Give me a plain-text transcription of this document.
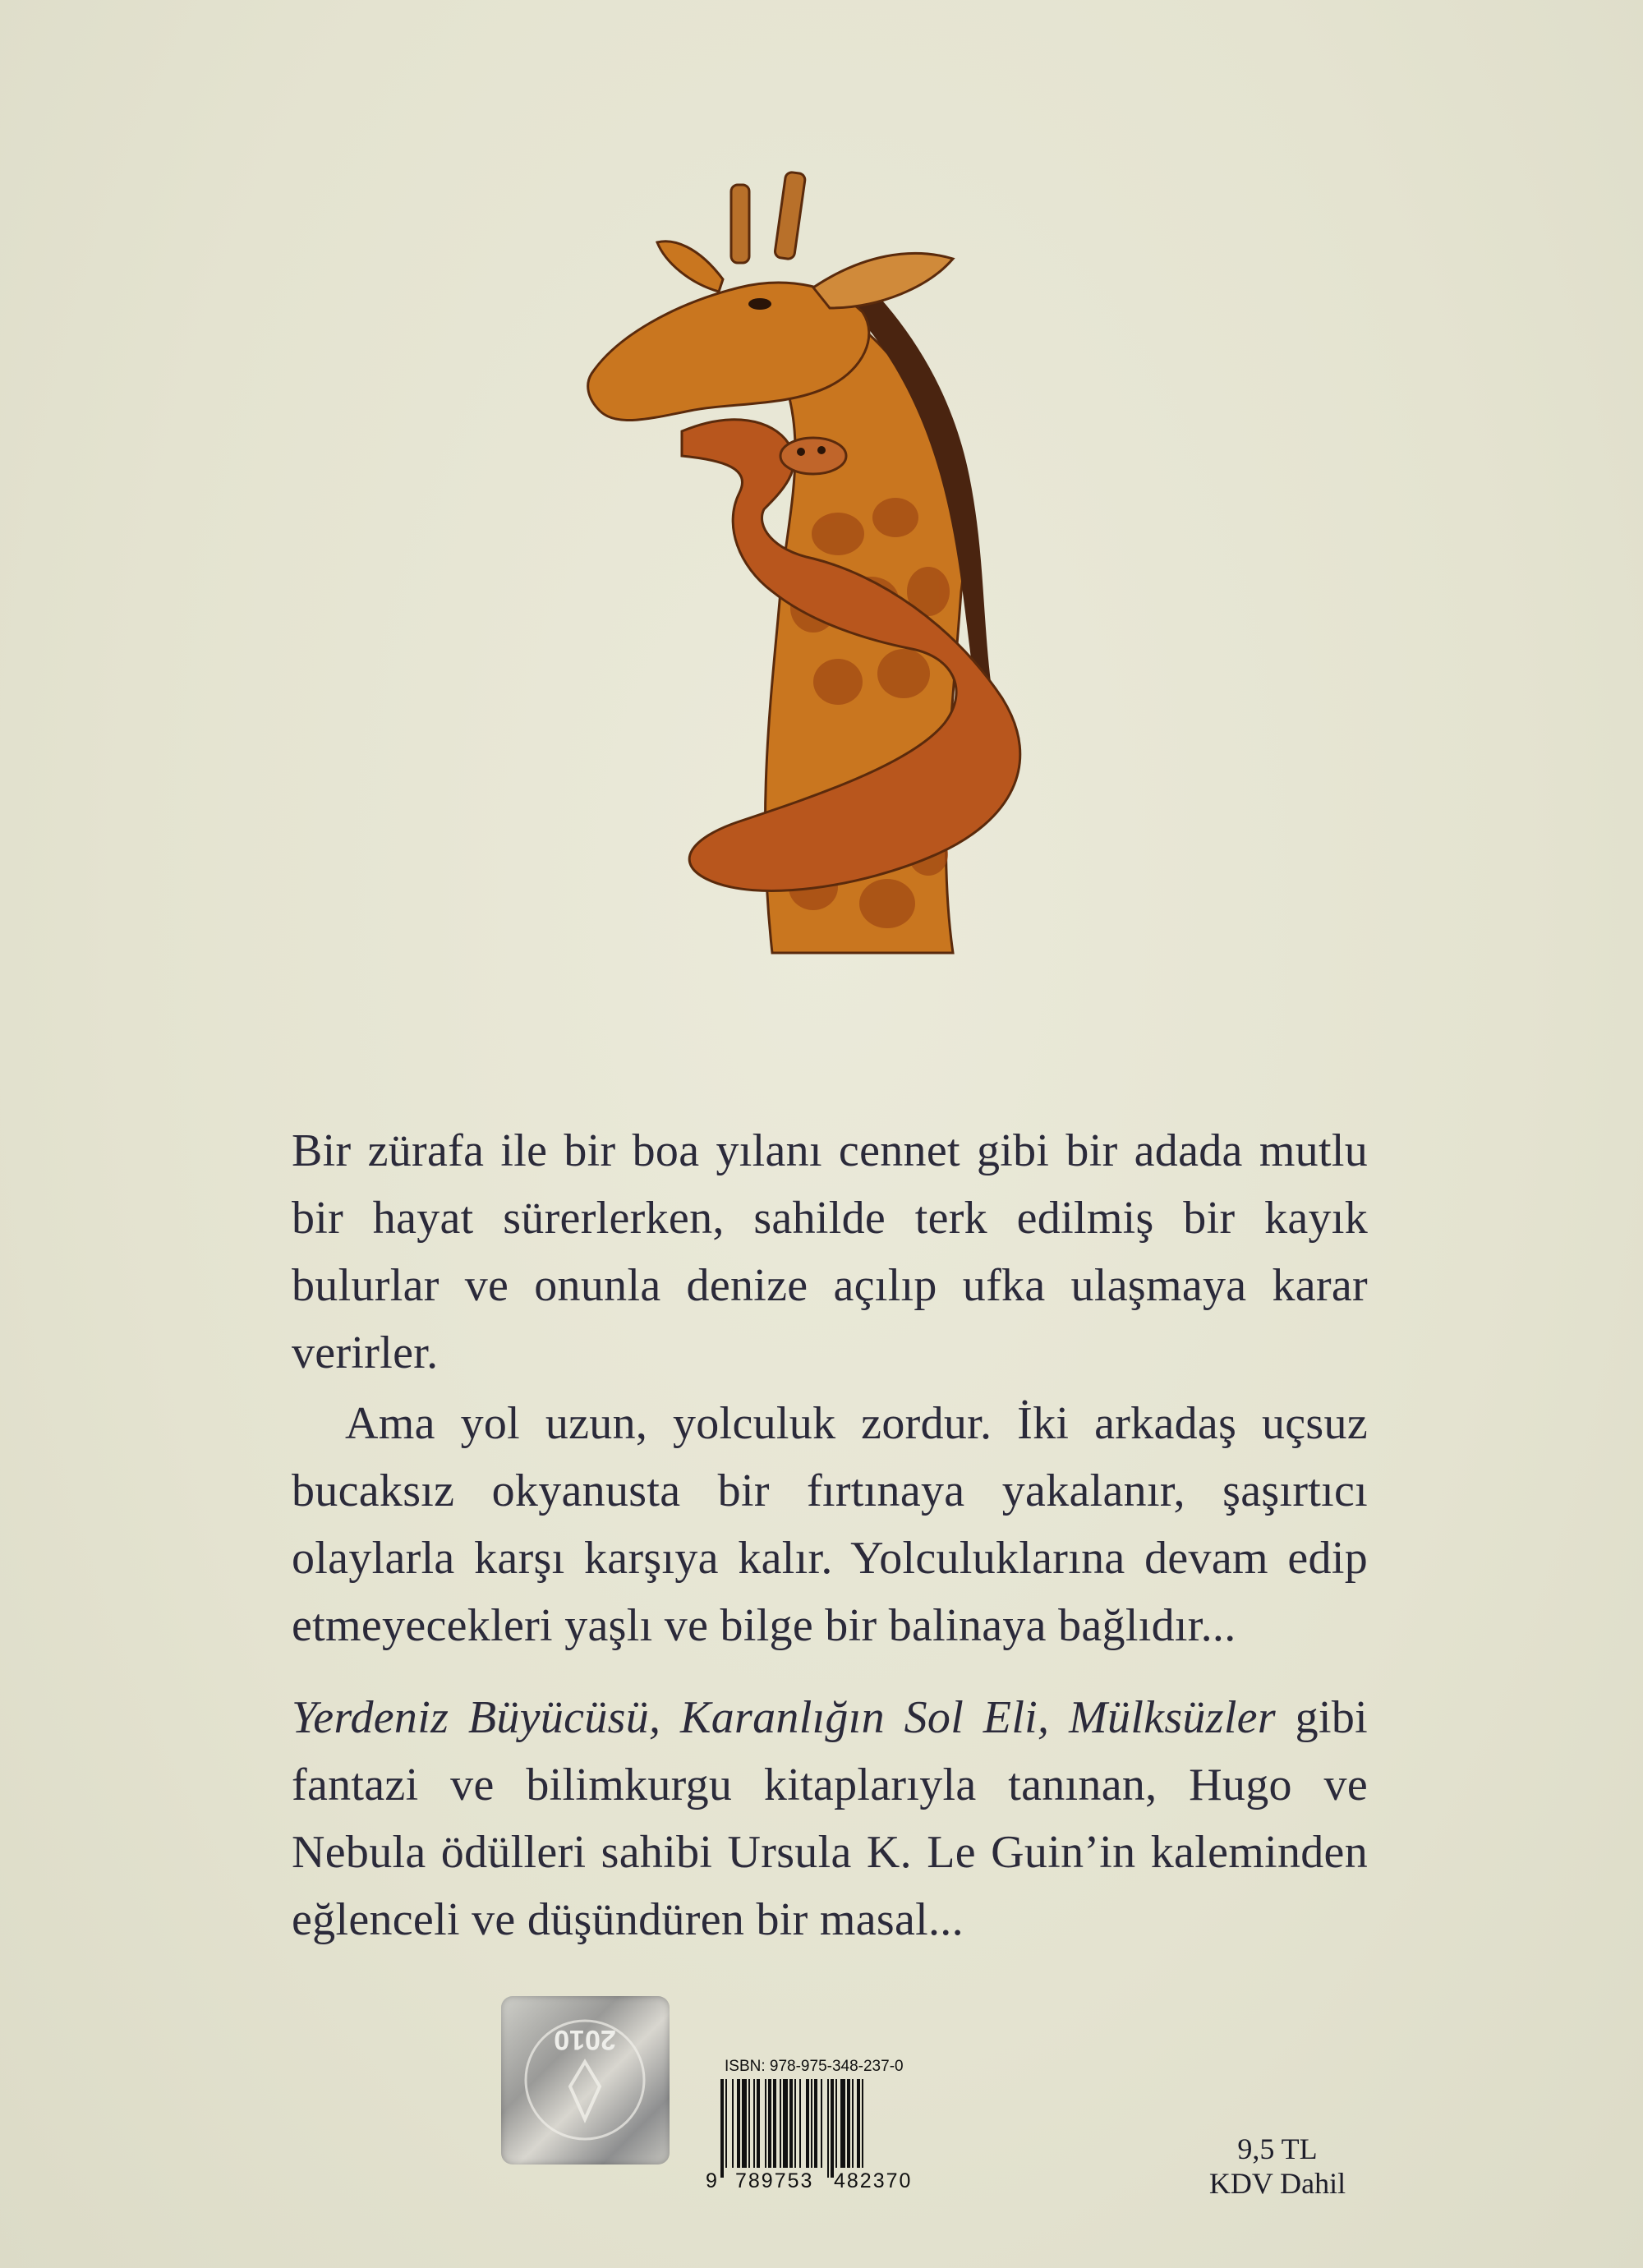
Bir zürafa ile bir boa yılanı cennet gibi bir adada mutlu bir hayat sürerlerken, sahilde terk edilmiş bir kayık bulurlar ve onunla denize açılıp ufka ulaşmaya karar verirler.

Ama yol uzun, yolculuk zordur. İki arkadaş uçsuz bucaksız okyanusta bir fırtınaya yakalanır, şaşırtıcı olaylarla karşı karşıya kalır. Yolculuklarına devam edip etmeyecekleri yaşlı ve bilge bir balinaya bağlıdır...

Yerdeniz Büyücüsü, Karanlığın Sol Eli, Mülksüzler gibi fantazi ve bilimkurgu kitaplarıyla tanınan, Hugo ve Nebula ödülleri sahibi Ursula K. Le Guin’in kaleminden eğlenceli ve düşündüren bir masal...

2010
ISBN: 978-975-348-237-0
9 789753 482370
9,5 TL
KDV Dahil
